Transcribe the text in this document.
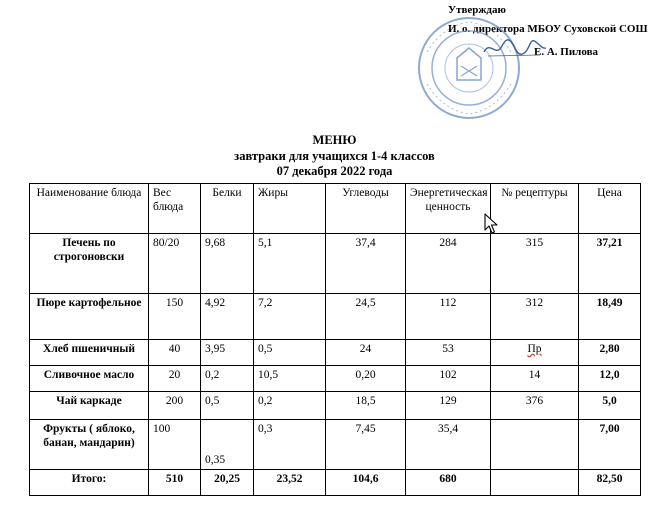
Утверждаю
И. о. директора МБОУ Суховской СОШ
Е. А. Пилова
МЕНЮ
завтраки для учащихся 1-4 классов
07 декабря 2022 года
Наименование блюда	Вес блюда	Белки	Жиры	Углеводы	Энергетическая ценность	№ рецептуры	Цена
Печень по строгоновски	80/20	9,68	5,1	37,4	284	315	37,21
Пюре картофельное	150	4,92	7,2	24,5	112	312	18,49
Хлеб пшеничный	40	3,95	0,5	24	53	Пр	2,80
Сливочное масло	20	0,2	10,5	0,20	102	14	12,0
Чай каркаде	200	0,5	0,2	18,5	129	376	5,0
Фрукты ( яблоко, банан, мандарин)	100	0,35	0,3	7,45	35,4		7,00
Итого:	510	20,25	23,52	104,6	680		82,50
